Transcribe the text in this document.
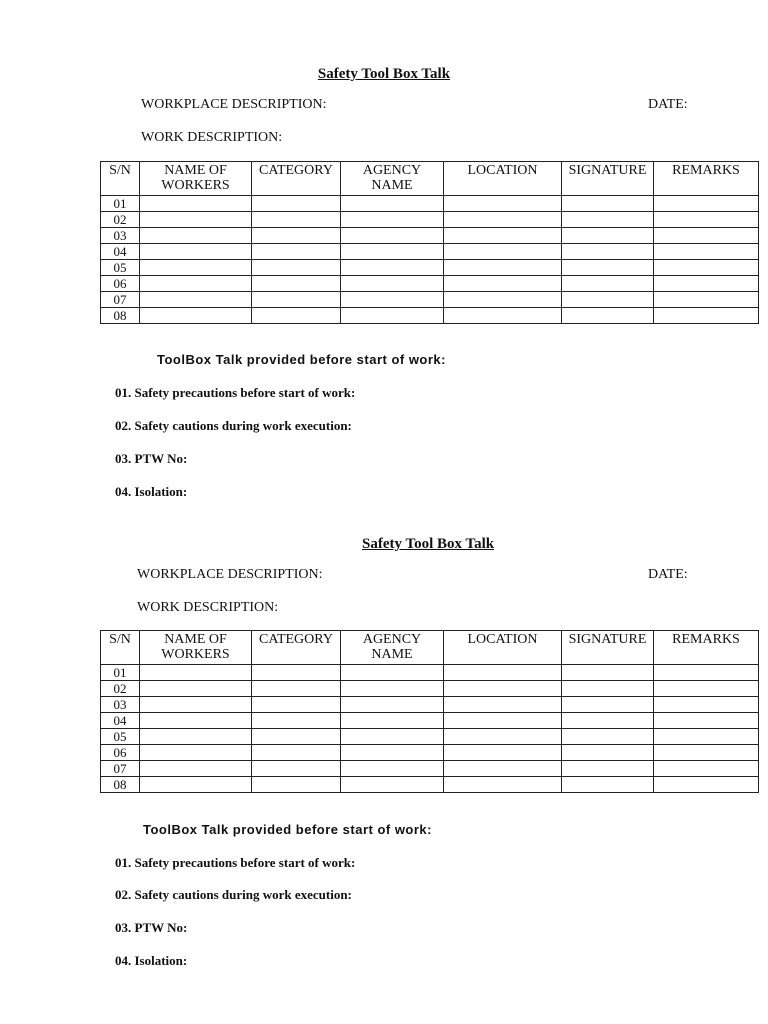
Safety Tool Box Talk
WORKPLACE DESCRIPTION:	DATE:
WORK DESCRIPTION:
S/N	NAME OF WORKERS	CATEGORY	AGENCY NAME	LOCATION	SIGNATURE	REMARKS
01						
02						
03						
04						
05						
06						
07						
08						
ToolBox Talk provided before start of work:
01. Safety precautions before start of work:
02. Safety cautions during work execution:
03. PTW No:
04. Isolation:
Safety Tool Box Talk
WORKPLACE DESCRIPTION:	DATE:
WORK DESCRIPTION:
S/N	NAME OF WORKERS	CATEGORY	AGENCY NAME	LOCATION	SIGNATURE	REMARKS
01						
02						
03						
04						
05						
06						
07						
08						
ToolBox Talk provided before start of work:
01. Safety precautions before start of work:
02. Safety cautions during work execution:
03. PTW No:
04. Isolation:
